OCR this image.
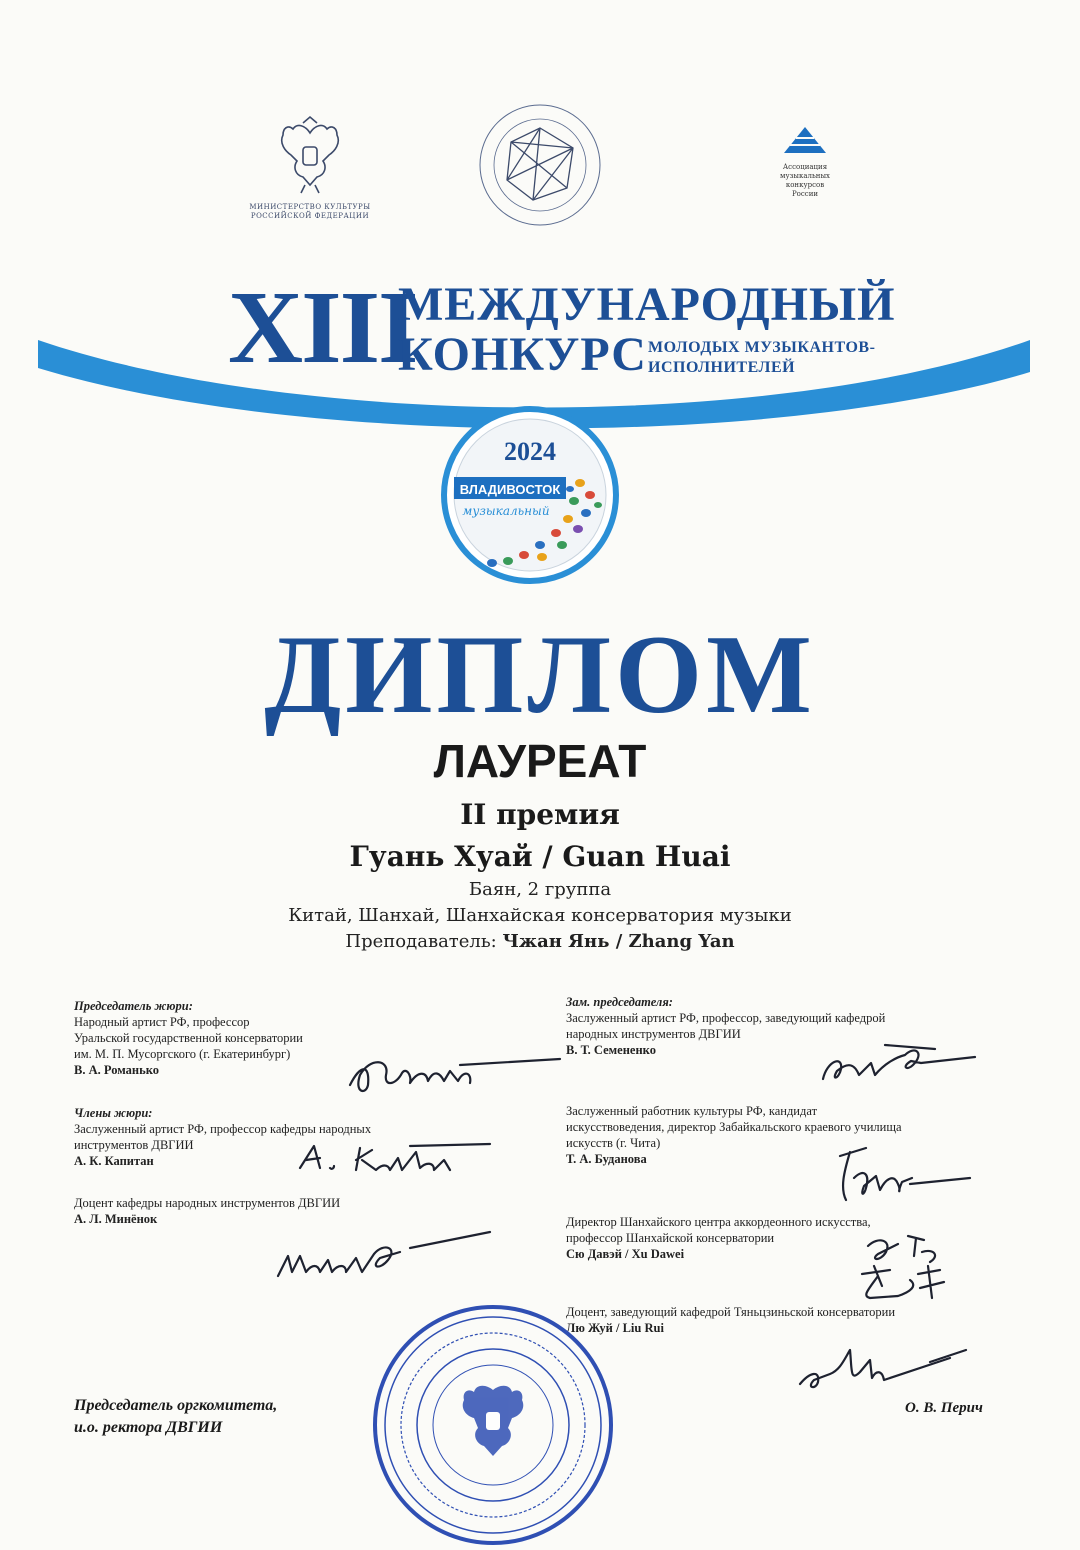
МИНИСТЕРСТВО КУЛЬТУРЫ РОССИЙСКОЙ ФЕДЕРАЦИИ
Ассоциация
музыкальных
конкурсов
России
XIII
МЕЖДУНАРОДНЫЙ
КОНКУРС МОЛОДЫХ МУЗЫКАНТОВ-
ИСПОЛНИТЕЛЕЙ
2024
ВЛАДИВОСТОК
музыкальный
ДИПЛОМ
ЛАУРЕАТ
II премия
Гуань Хуай / Guan Huai
Баян, 2 группа
Китай, Шанхай, Шанхайская консерватория музыки
Преподаватель: Чжан Янь / Zhang Yan
Председатель жюри:
Народный артист РФ, профессор
Уральской государственной консерватории
им. М. П. Мусоргского (г. Екатеринбург)
В. А. Романько
Члены жюри:
Заслуженный артист РФ, профессор кафедры народных
инструментов ДВГИИ
А. К. Капитан
Доцент кафедры народных инструментов ДВГИИ
А. Л. Минёнок
Зам. председателя:
Заслуженный артист РФ, профессор, заведующий кафедрой
народных инструментов ДВГИИ
В. Т. Семененко
Заслуженный работник культуры РФ, кандидат
искусствоведения, директор Забайкальского краевого училища
искусств (г. Чита)
Т. А. Буданова
Директор Шанхайского центра аккордеонного искусства,
профессор Шанхайской консерватории
Сю Давэй / Xu Dawei
Доцент, заведующий кафедрой Тяньцзиньской консерватории
Лю Жуй / Liu Rui
Председатель оргкомитета,
и.о. ректора ДВГИИ
О. В. Перич
